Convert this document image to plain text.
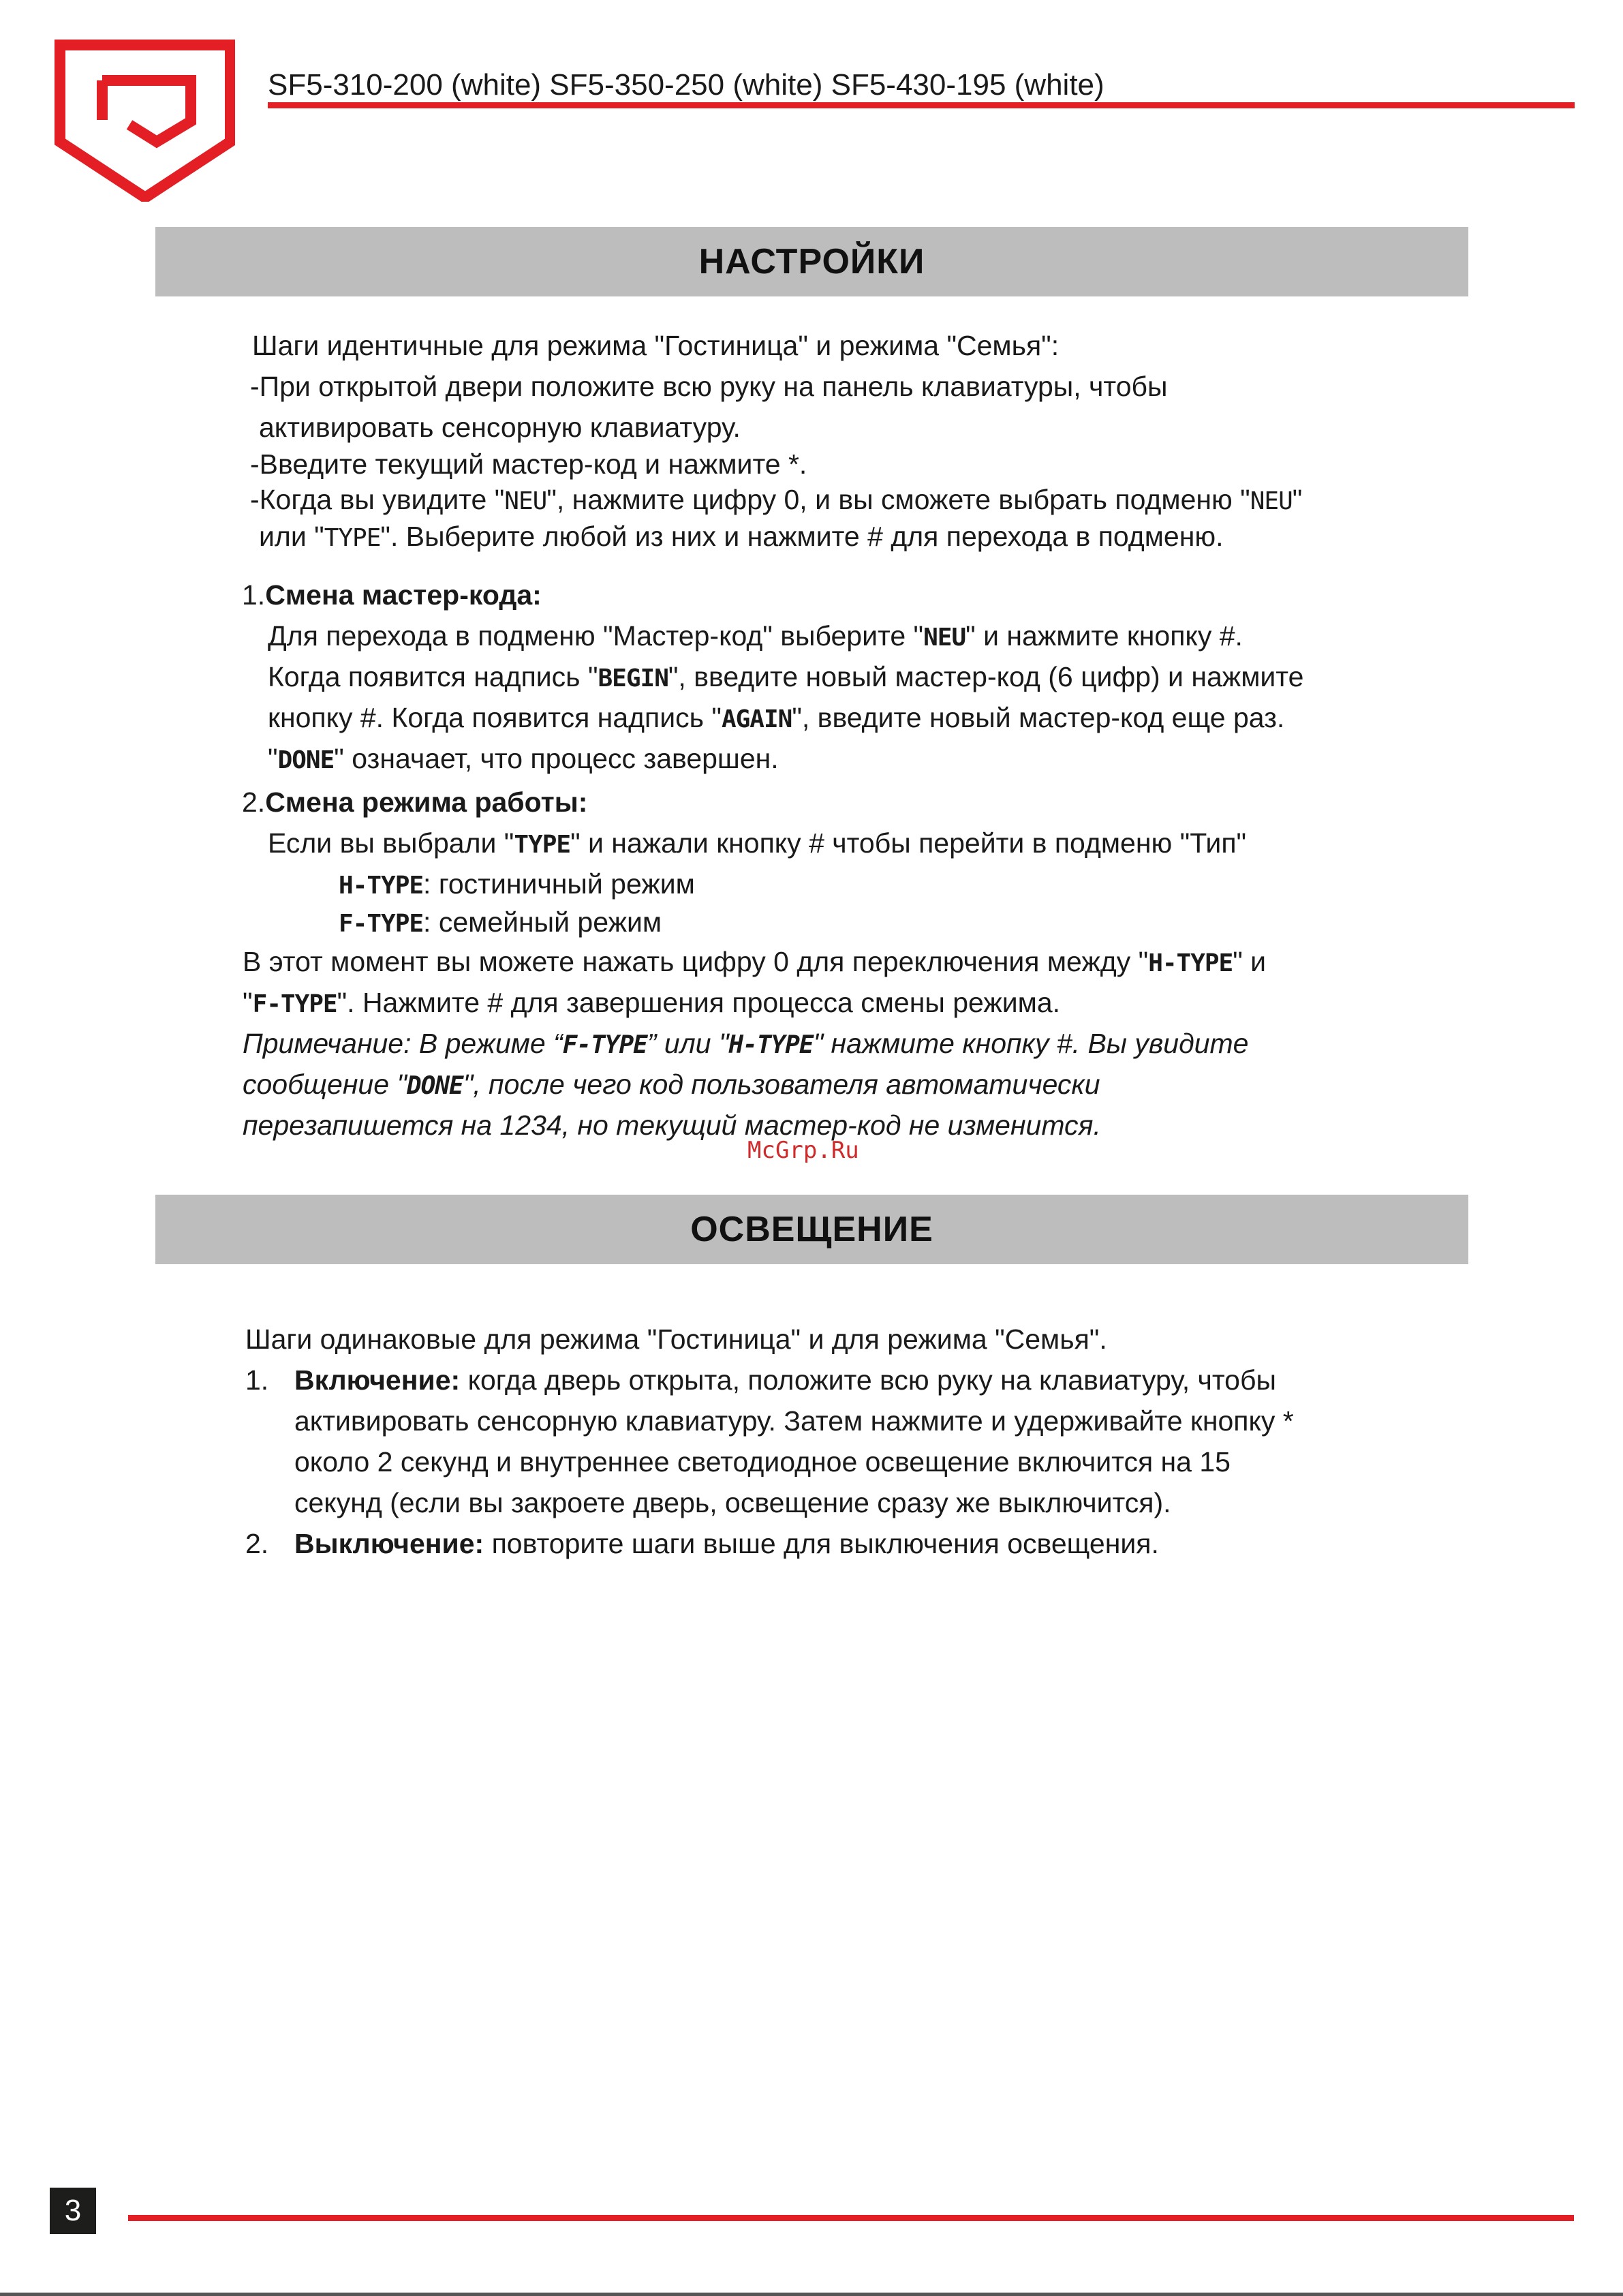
SF5-310-200 (white) SF5-350-250 (white) SF5-430-195 (white)
НАСТРОЙКИ
Шаги идентичные для режима "Гостиница" и режима "Семья":
-При открытой двери положите всю руку на панель клавиатуры, чтобы
активировать сенсорную клавиатуру.
-Введите текущий мастер-код и нажмите *.
-Когда вы увидите "NEU", нажмите цифру 0, и вы сможете выбрать подменю "NEU"
или "TYPE". Выберите любой из них и нажмите # для перехода в подменю.
1.Смена мастер-кода:
Для перехода в подменю "Мастер-код" выберите "NEU" и нажмите кнопку #.
Когда появится надпись "BEGIN", введите новый мастер-код (6 цифр) и нажмите
кнопку #. Когда появится надпись "AGAIN", введите новый мастер-код еще раз.
"DONE" означает, что процесс завершен.
2.Смена режима работы:
Если вы выбрали "TYPE" и нажали кнопку # чтобы перейти в подменю "Тип"
H-TYPE: гостиничный режим
F-TYPE: семейный режим
В этот момент вы можете нажать цифру 0 для переключения между "H-TYPE" и
"F-TYPE". Нажмите # для завершения процесса смены режима.
Примечание: В режиме “F-TYPE” или "H-TYPE" нажмите кнопку #. Вы увидите
сообщение "DONE", после чего код пользователя автоматически
перезапишется на 1234, но текущий мастер-код не изменится.
McGrp.Ru
ОСВЕЩЕНИЕ
Шаги одинаковые для режима "Гостиница" и для режима "Семья".
1. Включение: когда дверь открыта, положите всю руку на клавиатуру, чтобы
активировать сенсорную клавиатуру. Затем нажмите и удерживайте кнопку *
около 2 секунд и внутреннее светодиодное освещение включится на 15
секунд (если вы закроете дверь, освещение сразу же выключится).
2. Выключение: повторите шаги выше для выключения освещения.
3
